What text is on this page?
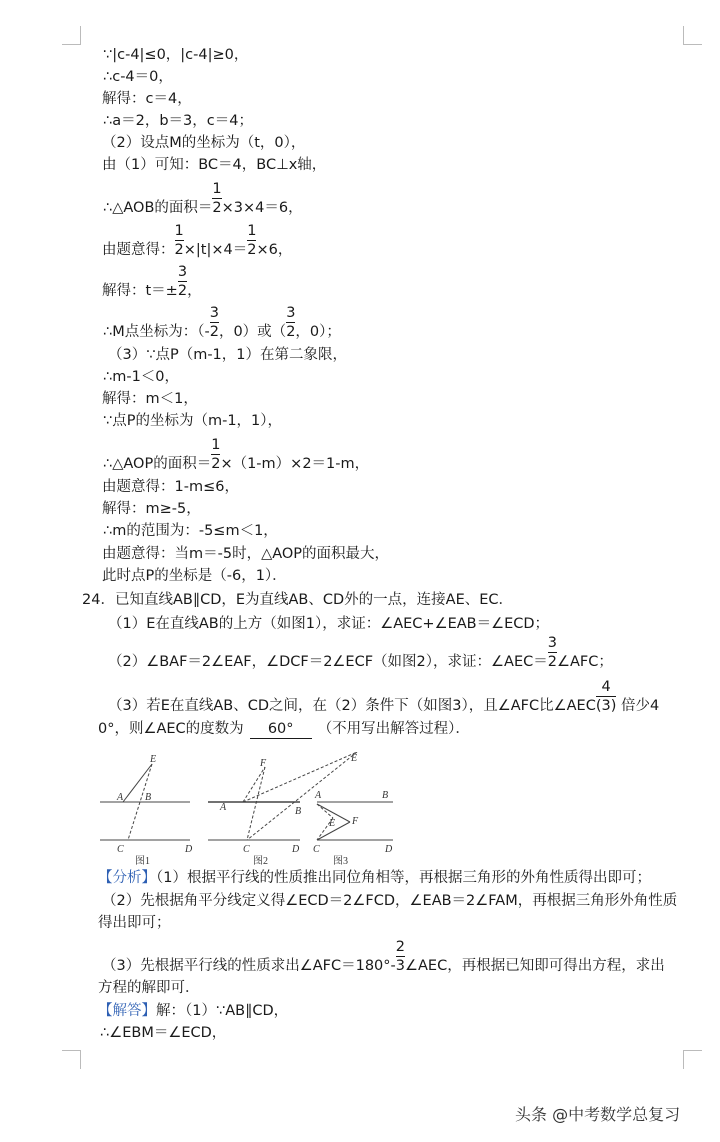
∵|c-4|≤0，|c-4|≥0，
∴c-4＝0，
解得：c＝4，
∴a＝2，b＝3，c＝4；
（2）设点M的坐标为（t，0），
由（1）可知：BC＝4，BC⊥x轴，
∴△AOB的面积＝ $\frac{1}{2}\times 3\times 4=6$，
由题意得： $\frac{1}{2}\times|t|\times 4= \frac{1}{2}\times 6$，
解得：$t=\pm \frac{3}{2}$，
∴M点坐标为：（- $\frac{3}{2}$，0）或（ $\frac{3}{2}$，0）；
（3）∵点P（m-1，1）在第二象限，
∴m-1＜0，
解得：m＜1，
∵点P的坐标为（m-1，1），
∴△AOP的面积＝ $\frac{1}{2}\times(1-m)\times 2=1-m$，
由题意得：1-m≤6，
解得：m≥-5，
∴m的范围为：-5≤m＜1，
由题意得：当m＝-5时，△AOP的面积最大，
此时点P的坐标是（-6，1）．
24．已知直线AB∥CD，E为直线AB、CD外的一点，连接AE、EC．
（1）E在直线AB的上方（如图1），求证：∠AEC+∠EAB＝∠ECD；
（2）∠BAF＝2∠EAF，∠DCF＝2∠ECF（如图2），求证：∠AEC＝ $\frac{3}{2}\angle AFC$；
（3）若E在直线AB、CD之间，在（2）条件下（如图3），且∠AFC比∠AEC $\frac{4}{(3)}$ 倍少4
0°，则∠AEC的度数为 60° （不用写出解答过程）．
E
A B
C	D
图1
F	E
A	B
C	D
图2
A	B
E F
C	D
图3
【分析】（1）根据平行线的性质推出同位角相等，再根据三角形的外角性质得出即可；
（2）先根据角平分线定义得∠ECD＝2∠FCD，∠EAB＝2∠FAM，再根据三角形外角性质
得出即可；
（3）先根据平行线的性质求出∠AFC＝180°- $\frac{2}{3}\angle AEC$，再根据已知即可得出方程，求出
方程的解即可．
【解答】解：（1）∵AB∥CD，
∴∠EBM＝∠ECD，
头条 @中考数学总复习
